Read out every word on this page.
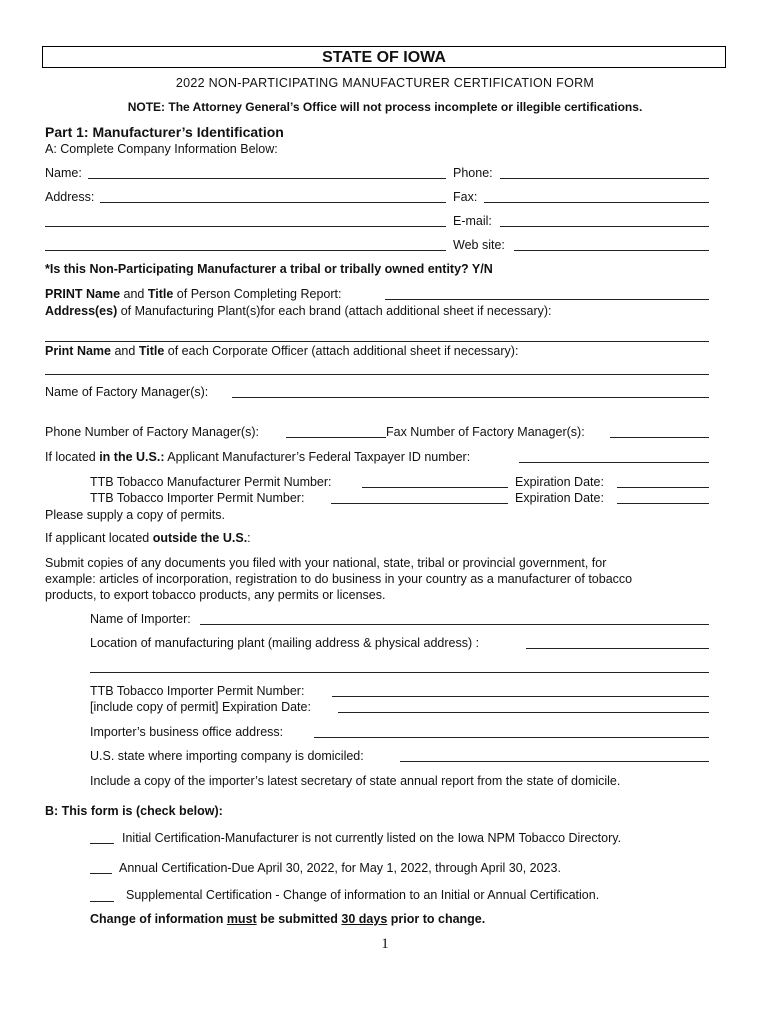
STATE OF IOWA
2022 NON-PARTICIPATING MANUFACTURER CERTIFICATION FORM
NOTE: The Attorney General’s Office will not process incomplete or illegible certifications.
Part 1: Manufacturer’s Identification
A: Complete Company Information Below:
Name:	Phone:
Address:	Fax:
E-mail:
Web site:
*Is this Non-Participating Manufacturer a tribal or tribally owned entity? Y/N
PRINT Name and Title of Person Completing Report:
Address(es) of Manufacturing Plant(s)for each brand (attach additional sheet if necessary):
Print Name and Title of each Corporate Officer (attach additional sheet if necessary):
Name of Factory Manager(s):
Phone Number of Factory Manager(s):	Fax Number of Factory Manager(s):
If located in the U.S.: Applicant Manufacturer’s Federal Taxpayer ID number:
TTB Tobacco Manufacturer Permit Number:	Expiration Date:
TTB Tobacco Importer Permit Number:	Expiration Date:
Please supply a copy of permits.
If applicant located outside the U.S.:
Submit copies of any documents you filed with your national, state, tribal or provincial government, for
example: articles of incorporation, registration to do business in your country as a manufacturer of tobacco
products, to export tobacco products, any permits or licenses.
Name of Importer:
Location of manufacturing plant (mailing address & physical address) :
TTB Tobacco Importer Permit Number:
[include copy of permit] Expiration Date:
Importer’s business office address:
U.S. state where importing company is domiciled:
Include a copy of the importer’s latest secretary of state annual report from the state of domicile.
B: This form is (check below):
Initial Certification-Manufacturer is not currently listed on the Iowa NPM Tobacco Directory.
Annual Certification-Due April 30, 2022, for May 1, 2022, through April 30, 2023.
Supplemental Certification - Change of information to an Initial or Annual Certification.
Change of information must be submitted 30 days prior to change.
1
